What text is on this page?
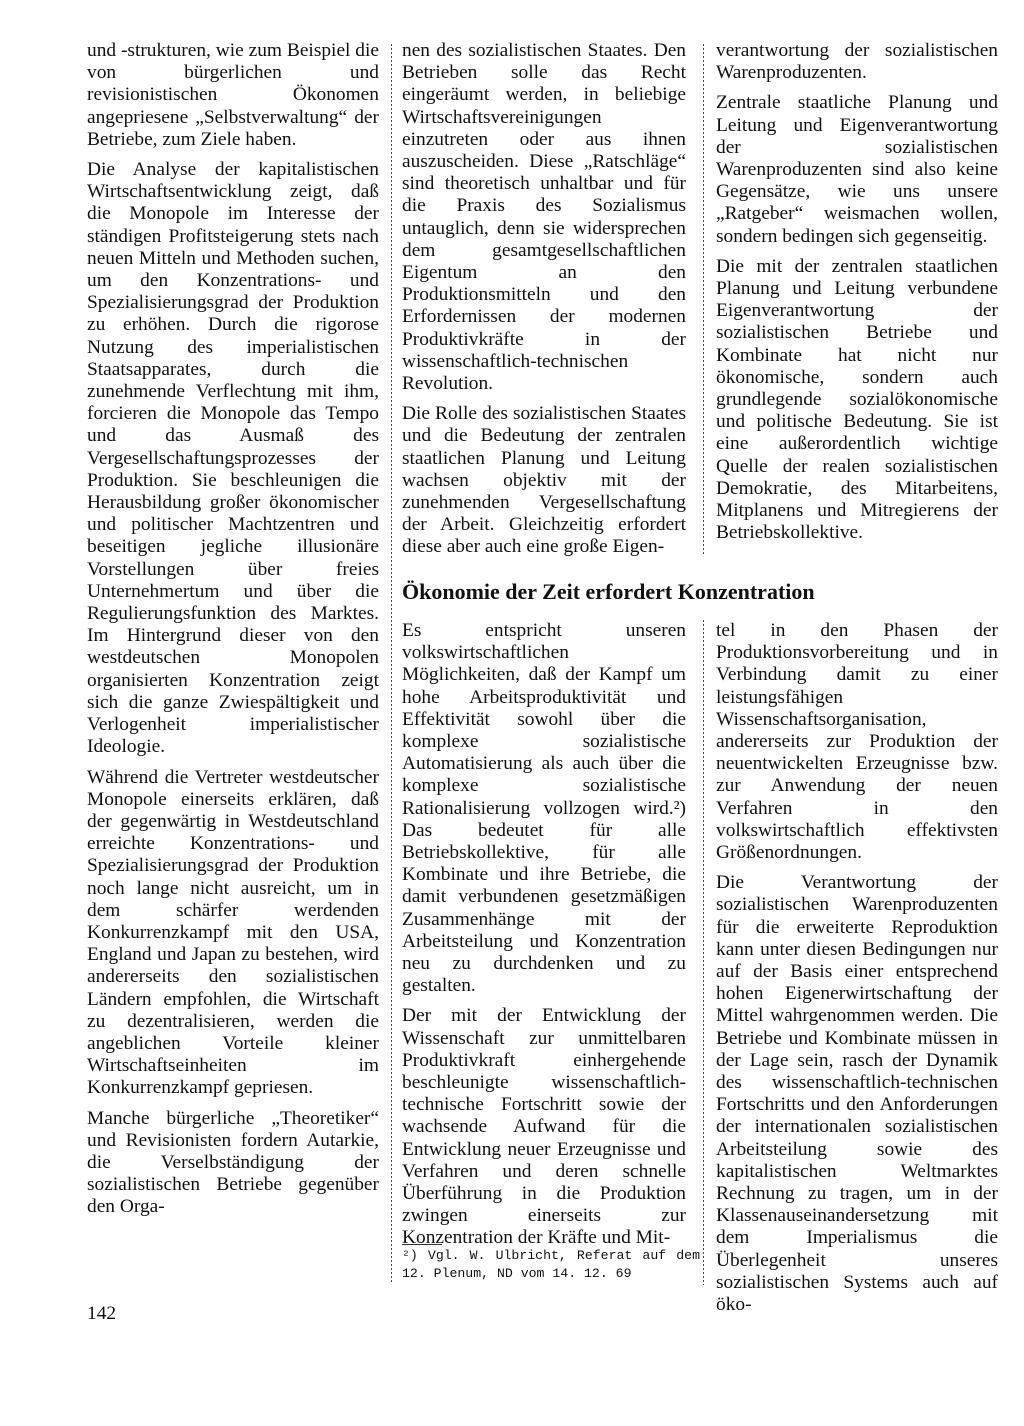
und -strukturen, wie zum Beispiel die von bürgerlichen und revisionistischen Ökonomen angepriesene „Selbstverwaltung“ der Betriebe, zum Ziele haben.

Die Analyse der kapitalistischen Wirtschaftsentwicklung zeigt, daß die Monopole im Interesse der ständigen Profitsteigerung stets nach neuen Mitteln und Methoden suchen, um den Konzentrations- und Spezialisierungsgrad der Produktion zu erhöhen. Durch die rigorose Nutzung des imperialistischen Staatsapparates, durch die zunehmende Verflechtung mit ihm, forcieren die Monopole das Tempo und das Ausmaß des Vergesellschaftungsprozesses der Produktion. Sie beschleunigen die Herausbildung großer ökonomischer und politischer Machtzentren und beseitigen jegliche illusionäre Vorstellungen über freies Unternehmertum und über die Regulierungsfunktion des Marktes. Im Hintergrund dieser von den westdeutschen Monopolen organisierten Konzentration zeigt sich die ganze Zwiespältigkeit und Verlogenheit imperialistischer Ideologie.

Während die Vertreter westdeutscher Monopole einerseits erklären, daß der gegenwärtig in Westdeutschland erreichte Konzentrations- und Spezialisierungsgrad der Produktion noch lange nicht ausreicht, um in dem schärfer werdenden Konkurrenzkampf mit den USA, England und Japan zu bestehen, wird andererseits den sozialistischen Ländern empfohlen, die Wirtschaft zu dezentralisieren, werden die angeblichen Vorteile kleiner Wirtschaftseinheiten im Konkurrenzkampf gepriesen.

Manche bürgerliche „Theoretiker“ und Revisionisten fordern Autarkie, die Verselbständigung der sozialistischen Betriebe gegenüber den Orga-

nen des sozialistischen Staates. Den Betrieben solle das Recht eingeräumt werden, in beliebige Wirtschaftsvereinigungen einzutreten oder aus ihnen auszuscheiden. Diese „Ratschläge“ sind theoretisch unhaltbar und für die Praxis des Sozialismus untauglich, denn sie widersprechen dem gesamtgesellschaftlichen Eigentum an den Produktionsmitteln und den Erfordernissen der modernen Produktivkräfte in der wissenschaftlich-technischen Revolution.

Die Rolle des sozialistischen Staates und die Bedeutung der zentralen staatlichen Planung und Leitung wachsen objektiv mit der zunehmenden Vergesellschaftung der Arbeit. Gleichzeitig erfordert diese aber auch eine große Eigen-

verantwortung der sozialistischen Warenproduzenten.

Zentrale staatliche Planung und Leitung und Eigenverantwortung der sozialistischen Warenproduzenten sind also keine Gegensätze, wie uns unsere „Ratgeber“ weismachen wollen, sondern bedingen sich gegenseitig.

Die mit der zentralen staatlichen Planung und Leitung verbundene Eigenverantwortung der sozialistischen Betriebe und Kombinate hat nicht nur ökonomische, sondern auch grundlegende sozialökonomische und politische Bedeutung. Sie ist eine außerordentlich wichtige Quelle der realen sozialistischen Demokratie, des Mitarbeitens, Mitplanens und Mitregierens der Betriebskollektive.

Ökonomie der Zeit erfordert Konzentration

Es entspricht unseren volkswirtschaftlichen Möglichkeiten, daß der Kampf um hohe Arbeitsproduktivität und Effektivität sowohl über die komplexe sozialistische Automatisierung als auch über die komplexe sozialistische Rationalisierung vollzogen wird.²) Das bedeutet für alle Betriebskollektive, für alle Kombinate und ihre Betriebe, die damit verbundenen gesetzmäßigen Zusammenhänge mit der Arbeitsteilung und Konzentration neu zu durchdenken und zu gestalten.

Der mit der Entwicklung der Wissenschaft zur unmittelbaren Produktivkraft einhergehende beschleunigte wissenschaftlich-technische Fortschritt sowie der wachsende Aufwand für die Entwicklung neuer Erzeugnisse und Verfahren und deren schnelle Überführung in die Produktion zwingen einerseits zur Konzentration der Kräfte und Mit-

tel in den Phasen der Produktionsvorbereitung und in Verbindung damit zu einer leistungsfähigen Wissenschaftsorganisation, andererseits zur Produktion der neuentwickelten Erzeugnisse bzw. zur Anwendung der neuen Verfahren in den volkswirtschaftlich effektivsten Größenordnungen.

Die Verantwortung der sozialistischen Warenproduzenten für die erweiterte Reproduktion kann unter diesen Bedingungen nur auf der Basis einer entsprechend hohen Eigenerwirtschaftung der Mittel wahrgenommen werden. Die Betriebe und Kombinate müssen in der Lage sein, rasch der Dynamik des wissenschaftlich-technischen Fortschritts und den Anforderungen der internationalen sozialistischen Arbeitsteilung sowie des kapitalistischen Weltmarktes Rechnung zu tragen, um in der Klassenauseinandersetzung mit dem Imperialismus die Überlegenheit unseres sozialistischen Systems auch auf öko-

²) Vgl. W. Ulbricht, Referat auf dem 12. Plenum, ND vom 14. 12. 69
142
